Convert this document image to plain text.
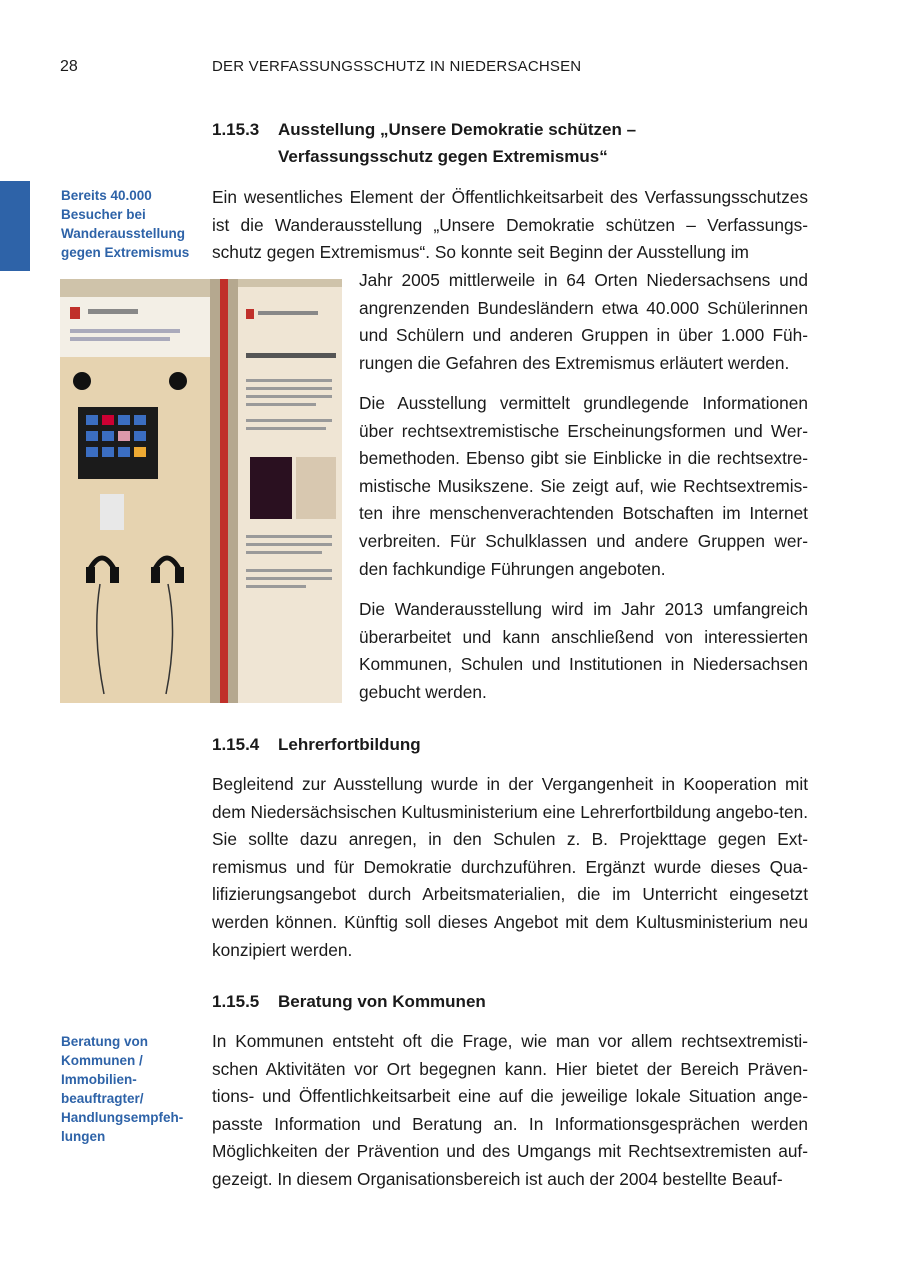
28	DER VERFASSUNGSSCHUTZ IN NIEDERSACHSEN
Bereits 40.000 Besucher bei Wanderausstellung gegen Extremismus
Beratung von Kommunen / Immobilien-beauftragter/ Handlungsempfeh-lungen
1.15.3 Ausstellung „Unsere Demokratie schützen –
Verfassungsschutz gegen Extremismus“

Ein wesentliches Element der Öffentlichkeitsarbeit des Verfassungsschutzes ist die Wanderausstellung „Unsere Demokratie schützen – Verfassungs-schutz gegen Extremismus“. So konnte seit Beginn der Ausstellung im

Jahr 2005 mittlerweile in 64 Orten Niedersachsens und angrenzenden Bundesländern etwa 40.000 Schülerinnen und Schülern und anderen Gruppen in über 1.000 Füh-rungen die Gefahren des Extremismus erläutert werden.

Die Ausstellung vermittelt grundlegende Informationen über rechtsextremistische Erscheinungsformen und Wer-bemethoden. Ebenso gibt sie Einblicke in die rechtsextre-mistische Musikszene. Sie zeigt auf, wie Rechtsextremis-ten ihre menschenverachtenden Botschaften im Internet verbreiten. Für Schulklassen und andere Gruppen wer-den fachkundige Führungen angeboten.

Die Wanderausstellung wird im Jahr 2013 umfangreich überarbeitet und kann anschließend von interessierten Kommunen, Schulen und Institutionen in Niedersachsen gebucht werden.

1.15.4 Lehrerfortbildung

Begleitend zur Ausstellung wurde in der Vergangenheit in Kooperation mit dem Niedersächsischen Kultusministerium eine Lehrerfortbildung angebo-ten. Sie sollte dazu anregen, in den Schulen z. B. Projekttage gegen Ext-remismus und für Demokratie durchzuführen. Ergänzt wurde dieses Qua-lifizierungsangebot durch Arbeitsmaterialien, die im Unterricht eingesetzt werden können. Künftig soll dieses Angebot mit dem Kultusministerium neu konzipiert werden.

1.15.5 Beratung von Kommunen

In Kommunen entsteht oft die Frage, wie man vor allem rechtsextremisti-schen Aktivitäten vor Ort begegnen kann. Hier bietet der Bereich Präven-tions- und Öffentlichkeitsarbeit eine auf die jeweilige lokale Situation ange-passte Information und Beratung an. In Informationsgesprächen werden Möglichkeiten der Prävention und des Umgangs mit Rechtsextremisten auf-gezeigt. In diesem Organisationsbereich ist auch der 2004 bestellte Beauf-
